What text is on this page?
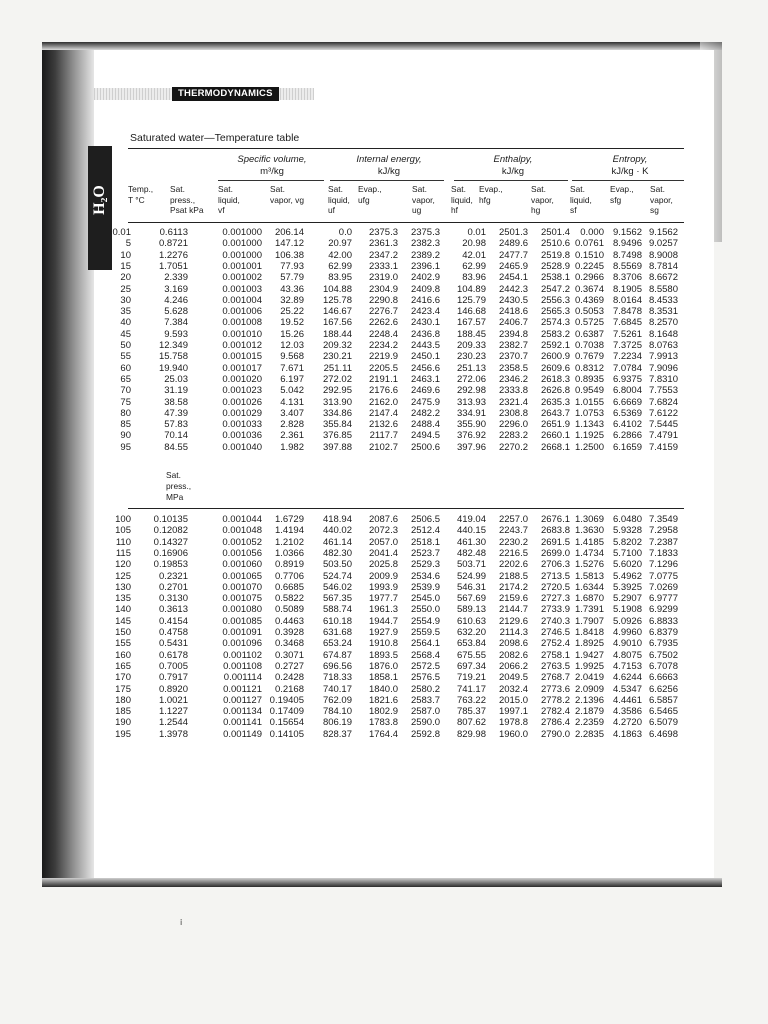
THERMODYNAMICS
H₂O
Saturated water—Temperature table
Specific volume,
m³/kg
Internal energy,
kJ/kg
Enthalpy,
kJ/kg
Entropy,
kJ/kg · K
Temp.,
T °C
Sat.
press.,
Psat kPa
Sat.
liquid,
vf
Sat.
vapor, vg
Sat.
liquid,
uf
Evap.,
ufg
Sat.
vapor,
ug
Sat.
liquid,
hf
Evap.,
hfg
Sat.
vapor,
hg
Sat.
liquid,
sf
Evap.,
sfg
Sat.
vapor,
sg
0.01	0.6113	0.001000	206.14	0.0	2375.3	2375.3	0.01	2501.3	2501.4	0.000 9.1562 9.1562
5	0.8721	0.001000	147.12	20.97	2361.3	2382.3	20.98	2489.6	2510.6 0.0761 8.9496 9.0257
10	1.2276	0.001000	106.38	42.00	2347.2	2389.2	42.01	2477.7	2519.8 0.1510 8.7498 8.9008
15	1.7051	0.001001	77.93	62.99	2333.1	2396.1	62.99	2465.9	2528.9 0.2245 8.5569 8.7814
20	2.339	0.001002	57.79	83.95	2319.0	2402.9	83.96	2454.1	2538.1 0.2966 8.3706 8.6672
25	3.169	0.001003	43.36	104.88	2304.9	2409.8	104.89	2442.3	2547.2 0.3674 8.1905 8.5580
30	4.246	0.001004	32.89	125.78	2290.8	2416.6	125.79	2430.5	2556.3 0.4369 8.0164 8.4533
35	5.628	0.001006	25.22	146.67	2276.7	2423.4	146.68	2418.6	2565.3 0.5053 7.8478 8.3531
40	7.384	0.001008	19.52	167.56	2262.6	2430.1	167.57	2406.7	2574.3 0.5725 7.6845 8.2570
45	9.593	0.001010	15.26	188.44	2248.4	2436.8	188.45	2394.8	2583.2 0.6387 7.5261 8.1648
50	12.349	0.001012	12.03	209.32	2234.2	2443.5	209.33	2382.7	2592.1 0.7038 7.3725 8.0763
55	15.758	0.001015	9.568	230.21	2219.9	2450.1	230.23	2370.7	2600.9 0.7679 7.2234 7.9913
60	19.940	0.001017	7.671	251.11	2205.5	2456.6	251.13	2358.5	2609.6 0.8312 7.0784 7.9096
65	25.03	0.001020	6.197	272.02	2191.1	2463.1	272.06	2346.2	2618.3 0.8935 6.9375 7.8310
70	31.19	0.001023	5.042	292.95	2176.6	2469.6	292.98	2333.8	2626.8 0.9549 6.8004 7.7553
75	38.58	0.001026	4.131	313.90	2162.0	2475.9	313.93	2321.4	2635.3 1.0155 6.6669 7.6824
80	47.39	0.001029	3.407	334.86	2147.4	2482.2	334.91	2308.8	2643.7 1.0753 6.5369 7.6122
85	57.83	0.001033	2.828	355.84	2132.6	2488.4	355.90	2296.0	2651.9 1.1343 6.4102 7.5445
90	70.14	0.001036	2.361	376.85	2117.7	2494.5	376.92	2283.2	2660.1 1.1925 6.2866 7.4791
95	84.55	0.001040	1.982	397.88	2102.7	2500.6	397.96	2270.2	2668.1 1.2500 6.1659 7.4159
Sat.
press.,
MPa
100	0.10135	0.001044	1.6729	418.94	2087.6	2506.5	419.04	2257.0	2676.1 1.3069 6.0480 7.3549
105	0.12082	0.001048	1.4194	440.02	2072.3	2512.4	440.15	2243.7	2683.8 1.3630 5.9328 7.2958
110	0.14327	0.001052	1.2102	461.14	2057.0	2518.1	461.30	2230.2	2691.5 1.4185 5.8202 7.2387
115	0.16906	0.001056	1.0366	482.30	2041.4	2523.7	482.48	2216.5	2699.0 1.4734 5.7100 7.1833
120	0.19853	0.001060	0.8919	503.50	2025.8	2529.3	503.71	2202.6	2706.3 1.5276 5.6020 7.1296
125	0.2321	0.001065	0.7706	524.74	2009.9	2534.6	524.99	2188.5	2713.5 1.5813 5.4962 7.0775
130	0.2701	0.001070	0.6685	546.02	1993.9	2539.9	546.31	2174.2	2720.5 1.6344 5.3925 7.0269
135	0.3130	0.001075	0.5822	567.35	1977.7	2545.0	567.69	2159.6	2727.3 1.6870 5.2907 6.9777
140	0.3613	0.001080	0.5089	588.74	1961.3	2550.0	589.13	2144.7	2733.9 1.7391 5.1908 6.9299
145	0.4154	0.001085	0.4463	610.18	1944.7	2554.9	610.63	2129.6	2740.3 1.7907 5.0926 6.8833
150	0.4758	0.001091	0.3928	631.68	1927.9	2559.5	632.20	2114.3	2746.5 1.8418 4.9960 6.8379
155	0.5431	0.001096	0.3468	653.24	1910.8	2564.1	653.84	2098.6	2752.4 1.8925 4.9010 6.7935
160	0.6178	0.001102	0.3071	674.87	1893.5	2568.4	675.55	2082.6	2758.1 1.9427 4.8075 6.7502
165	0.7005	0.001108	0.2727	696.56	1876.0	2572.5	697.34	2066.2	2763.5 1.9925 4.7153 6.7078
170	0.7917	0.001114	0.2428	718.33	1858.1	2576.5	719.21	2049.5	2768.7 2.0419 4.6244 6.6663
175	0.8920	0.001121	0.2168	740.17	1840.0	2580.2	741.17	2032.4	2773.6 2.0909 4.5347 6.6256
180	1.0021	0.001127 0.19405	762.09	1821.6	2583.7	763.22	2015.0	2778.2 2.1396 4.4461 6.5857
185	1.1227	0.001134 0.17409	784.10	1802.9	2587.0	785.37	1997.1	2782.4 2.1879 4.3586 6.5465
190	1.2544	0.001141 0.15654	806.19	1783.8	2590.0	807.62	1978.8	2786.4 2.2359 4.2720 6.5079
195	1.3978	0.001149 0.14105	828.37	1764.4	2592.8	829.98	1960.0	2790.0 2.2835 4.1863 6.4698
ⅰ
